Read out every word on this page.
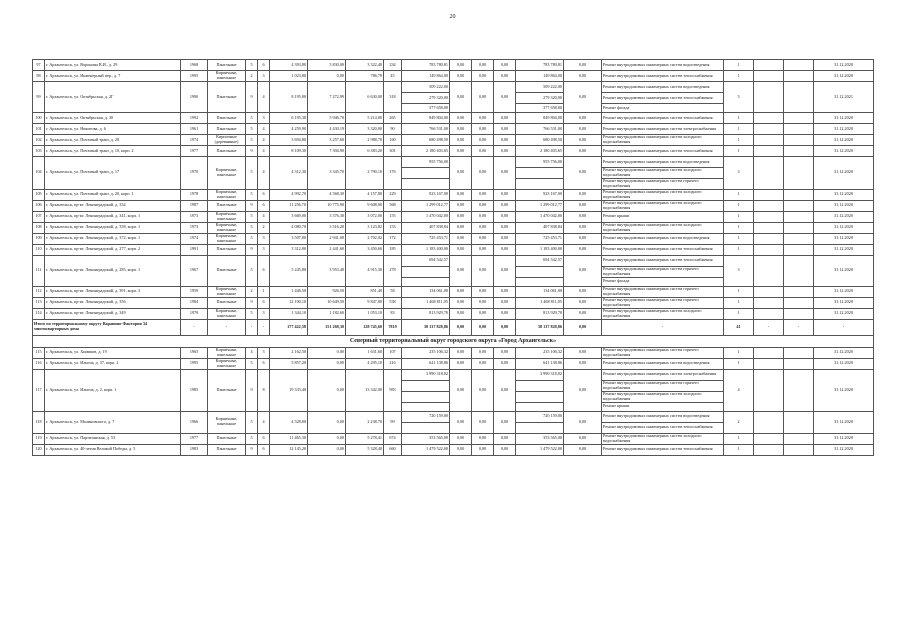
20
97	г. Архангельск, ул. Воронина В.И., д. 29	1968	Панельные	5	6	4 393,80	5 830,00	3 322,40	234	783 780,81	0,00	0,00	0,00	783 780,81	0,00	Ремонт внутридомовых инженерных систем водоотведения	1			31.12.2020
98	г. Архангельск, ул. Инженерный пер., д. 7	1995	Кирпичные, панельные	2	3	1 023,80	0,00	786,70	45	149 864,00	0,00	0,00	0,00	149 864,00	0,00	Ремонт внутридомовых инженерных систем теплоснабжения	1			31.12.2020
99	г. Архангельск, ул. Октябрьская, д. 2Г	1990	Панельные	9	4	8 195,00	7 272,99	6 630,00	318	509 222,00	0,00	0,00	0,00	509 222,00	0,00	Ремонт внутридомовых инженерных систем водоотведения	3			31.12.2021
										279 320,00				279 320,00		Ремонт внутридомовых инженерных систем теплоснабжения				
										377 658,00				377 658,00		Ремонт фасада				
100	г. Архангельск, ул. Октябрьская, д. 30	1992	Панельные	5	3	6 195,30	5 946,70	5 214,00	265	849 804,00	0,00	0,00	0,00	849 804,00	0,00	Ремонт внутридомовых инженерных систем теплоснабжения	1			31.12.2020
101	г. Архангельск, ул. Никитова, д. 6	1961	Панельные	5	4	4 259,90	4 430,19	3 320,00	90	766 531,00	0,00	0,00	0,00	766 531,00	0,00	Ремонт внутридомовых инженерных систем электроснабжения	1			31.12.2020
102	г. Архангельск, ул. Почтовый тракт, д. 28	1974	Кирпичные (деревянные)	5	4	3 694,80	3 257,60	2 988,70	160	680 498,50	0,00	0,00	0,00	680 498,50	0,00	Ремонт внутридомовых инженерных систем холодного водоснабжения	1			31.12.2020
103	г. Архангельск, ул. Почтовый тракт, д. 10, корп. 2	1977	Панельные	9	4	8 109,30	7 394,90	6 383,20	301	2 180 403,65	0,00	0,00	0,00	2 180 403,65	0,00	Ремонт внутридомовых инженерных систем теплоснабжения	1			31.12.2020
104	г. Архангельск, ул. Почтовый тракт, д. 17	1970	Кирпичные, панельные	5	4	4 312,30	3 345,70	2 790,10	176	955 756,00	0,00	0,00	0,00	955 756,00	0,00	Ремонт внутридомовых инженерных систем водоотведения	3			31.12.2020
																Ремонт внутридомовых инженерных систем холодного водоснабжения				
																Ремонт внутридомовых инженерных систем горячего водоснабжения				
105	г. Архангельск, ул. Почтовый тракт, д. 20, корп. 1	1978	Кирпичные, панельные	5	6	4 992,70	4 568,30	4 157,80	229	923 167,00	0,00	0,00	0,00	923 167,00	0,00	Ремонт внутридомовых инженерных систем холодного водоснабжения	1			31.12.2020
106	г. Архангельск, пр-кт. Ленинградский, д. 334	1987	Панельные	9	6	11 256,70	10 775,90	9 608,00	568	1 299 012,77	0,00	0,00	0,00	1 299 012,77	0,00	Ремонт внутридомовых инженерных систем холодного водоснабжения	1			31.12.2020
107	г. Архангельск, пр-кт. Ленинградский, д. 341, корп. 1	1973	Кирпичные, панельные	5	4	3 669,00	3 376,30	3 072,00	155	1 470 042,00	0,00	0,00	0,00	1 470 042,00	0,00	Ремонт крыши	1			31.12.2020
108	г. Архангельск, пр-кт. Ленинградский, д. 358, корп. 1	1973	Кирпичные, панельные	5	2	4 080,70	3 516,20	3 123,82	153	407 838,84	0,00	0,00	0,00	407 838,84	0,00	Ремонт внутридомовых инженерных систем холодного водоснабжения	1			31.12.2020
109	г. Архангельск, пр-кт. Ленинградский, д. 372, корп. 1	1974	Кирпичные, панельные	5	3	3 507,00	2 941,00	2 702,02	172	725 453,71	0,00	0,00	0,00	725 453,71	0,00	Ремонт внутридомовых инженерных систем водоотведения	1			31.12.2020
110	г. Архангельск, пр-кт. Ленинградский, д. 277, корп. 2	1991	Панельные	9	3	3 312,00	2 441,60	3 450,60	185	1 183 400,00	0,00	0,00	0,00	1 183 400,00	0,00	Ремонт внутридомовых инженерных систем теплоснабжения	1			31.12.2020
111	г. Архангельск, пр-кт. Ленинградский, д. 285, корп. 1	1967	Панельные	5	6	5 245,80	3 953,40	4 915,30	278	694 542,57	0,00	0,00	0,00	694 542,57	0,00	Ремонт внутридомовых инженерных систем теплоснабжения	3			31.12.2020
																Ремонт внутридомовых инженерных систем горячего водоснабжения				
																Ремонт фасада				
112	г. Архангельск, пр-кт. Ленинградский, д. 391, корп. 3	1959	Кирпичные, панельные	2	1	1 446,50	926,50	851,40	58	134 061,00	0,00	0,00	0,00	134 061,00	0,00	Ремонт внутридомовых инженерных систем горячего водоснабжения	1			31.12.2020
113	г. Архангельск, пр-кт. Ленинградский, д. 356	1984	Панельные	9	6	12 100,10	10 649,50	9 847,80	538	1 468 811,05	0,00	0,00	0,00	1 468 811,05	0,00	Ремонт внутридомовых инженерных систем горячего водоснабжения	1			31.12.2020
114	г. Архангельск, пр-кт. Ленинградский, д. 349	1970	Кирпичные, панельные	5	3	1 344,10	1 182,60	1 053,10	83	813 929,70	0,00	0,00	0,00	813 929,70	0,00	Ремонт внутридомовых инженерных систем холодного водоснабжения	1			31.12.2020
Итого по территориальному округу Варавино-Фактория 34 многоквартирных дома		-	-	-	-	177 422,58	151 268,30	128 745,60	7819	38 137 828,86	0,00	0,00	0,00	38 137 828,86	0,00	-	41	-	-	-
Северный территориальный округ городского округа «Город Архангельск»																				
115	г. Архангельск, ул. Химиков, д. 19	1965	Кирпичные, панельные	4	3	2 162,50	0,00	1 631,60	107	235 106,32	0,00	0,00	0,00	235 106,32	0,00	Ремонт внутридомовых инженерных систем горячего водоснабжения	1			31.12.2020
116	г. Архангельск, ул. Ильича, д. 37, корп. 2	1995	Кирпичные, панельные	5	6	5 857,20	0,00	4 295,10	216	641 138,86	0,00	0,00	0,00	641 138,86	0,00	Ремонт внутридомовых инженерных систем водоотведения	1			31.12.2020
117	г. Архангельск, ул. Ильича, д. 2, корп. 1	1985	Панельные	9	8	19 333,40	0,00	13 342,00	983	3 990 318,02	0,00	0,00	0,00	3 990 318,02	0,00	Ремонт внутридомовых инженерных систем электроснабжения	4			31.12.2020
																Ремонт внутридомовых инженерных систем горячего водоснабжения				
																Ремонт внутридомовых инженерных систем холодного водоснабжения				
																Ремонт крыши				
118	г. Архангельск, ул. Малиновского, д. 7	1966	Кирпичные, панельные	5	4	4 528,00	0,00	2 238,70	99	720 159,00	0,00	0,00	0,00	720 159,00	0,00	Ремонт внутридомовых инженерных систем водоотведения	2			31.12.2020
																Ремонт внутридомовых инженерных систем теплоснабжения				
119	г. Архангельск, ул. Партизанская, д. 53	1977	Панельные	5	6	11 465,30	0,00	5 278,41	674	353 565,00	0,00	0,00	0,00	353 565,00	0,00	Ремонт внутридомовых инженерных систем холодного водоснабжения	1			31.12.2020
120	г. Архангельск, ул. 40-летия Великой Победы, д. 5	1983	Панельные	9	6	12 145,20	0,00	5 328,40	660	1 479 522,00	0,00	0,00	0,00	1 479 522,00	0,00	Ремонт внутридомовых инженерных систем теплоснабжения	1			31.12.2020
